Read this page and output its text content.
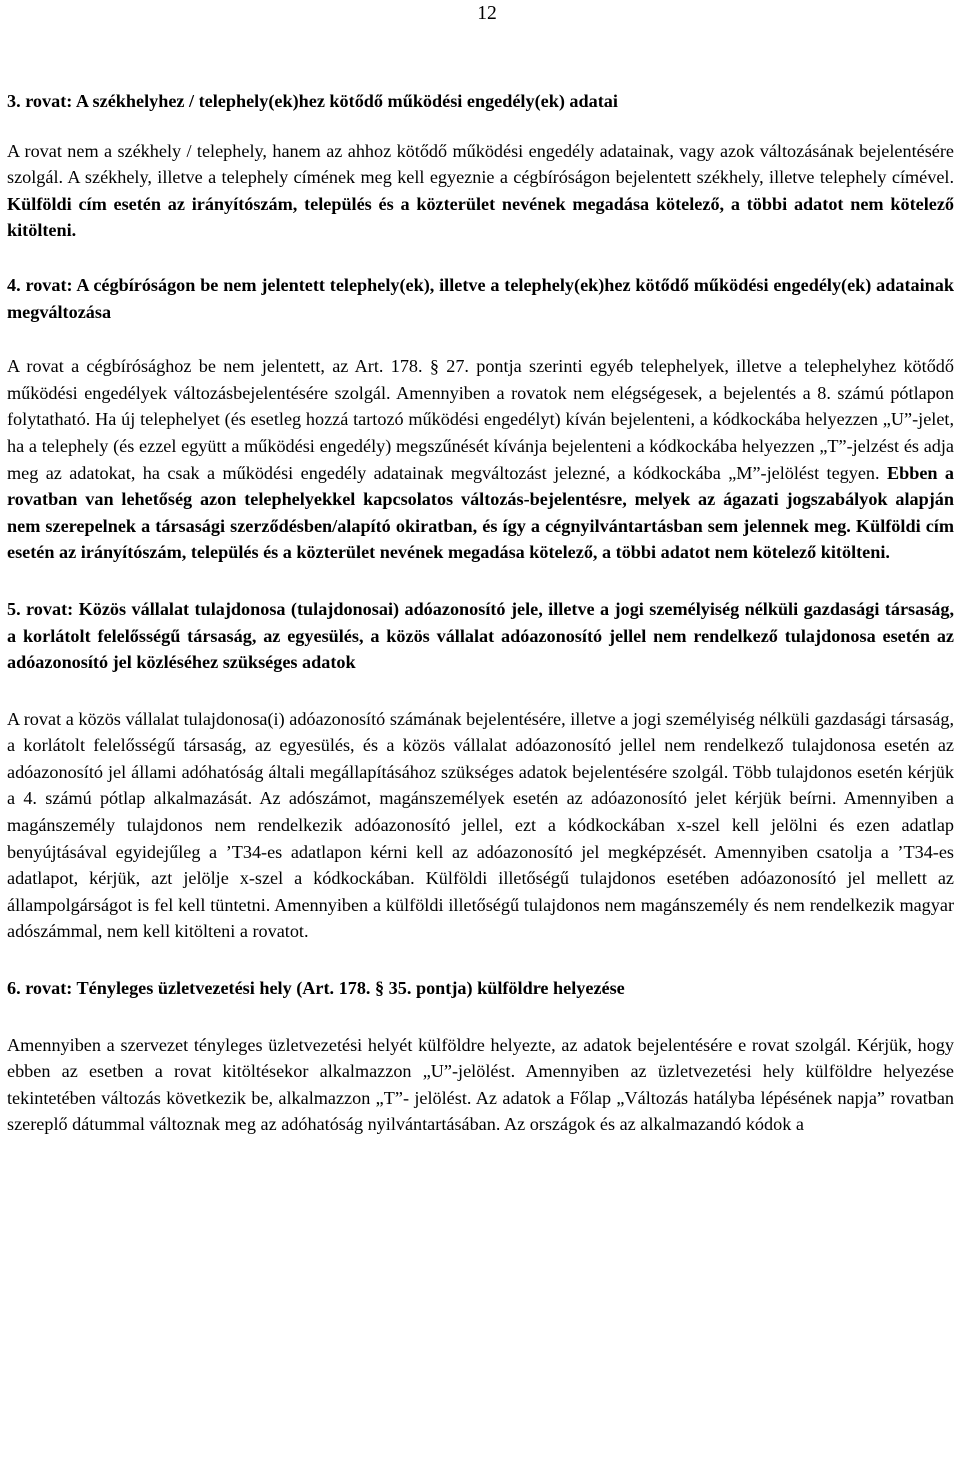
12

3. rovat: A székhelyhez / telephely(ek)hez kötődő működési engedély(ek) adatai

A rovat nem a székhely / telephely, hanem az ahhoz kötődő működési engedély adatainak, vagy azok változásának bejelentésére szolgál. A székhely, illetve a telephely címének meg kell egyeznie a cégbíróságon bejelentett székhely, illetve telephely címével. Külföldi cím esetén az irányítószám, település és a közterület nevének megadása kötelező, a többi adatot nem kötelező kitölteni.

4. rovat: A cégbíróságon be nem jelentett telephely(ek), illetve a telephely(ek)hez kötődő működési engedély(ek) adatainak megváltozása

A rovat a cégbírósághoz be nem jelentett, az Art. 178. § 27. pontja szerinti egyéb telephelyek, illetve a telephelyhez kötődő működési engedélyek változásbejelentésére szolgál. Amennyiben a rovatok nem elégségesek, a bejelentés a 8. számú pótlapon folytatható. Ha új telephelyet (és esetleg hozzá tartozó működési engedélyt) kíván bejelenteni, a kódkockába helyezzen „U”-jelet, ha a telephely (és ezzel együtt a működési engedély) megszűnését kívánja bejelenteni a kódkockába helyezzen „T”-jelzést és adja meg az adatokat, ha csak a működési engedély adatainak megváltozást jelezné, a kódkockába „M”-jelölést tegyen. Ebben a rovatban van lehetőség azon telephelyekkel kapcsolatos változás-bejelentésre, melyek az ágazati jogszabályok alapján nem szerepelnek a társasági szerződésben/alapító okiratban, és így a cégnyilvántartásban sem jelennek meg. Külföldi cím esetén az irányítószám, település és a közterület nevének megadása kötelező, a többi adatot nem kötelező kitölteni.

5. rovat: Közös vállalat tulajdonosa (tulajdonosai) adóazonosító jele, illetve a jogi személyiség nélküli gazdasági társaság, a korlátolt felelősségű társaság, az egyesülés, a közös vállalat adóazonosító jellel nem rendelkező tulajdonosa esetén az adóazonosító jel közléséhez szükséges adatok

A rovat a közös vállalat tulajdonosa(i) adóazonosító számának bejelentésére, illetve a jogi személyiség nélküli gazdasági társaság, a korlátolt felelősségű társaság, az egyesülés, és a közös vállalat adóazonosító jellel nem rendelkező tulajdonosa esetén az adóazonosító jel állami adóhatóság általi megállapításához szükséges adatok bejelentésére szolgál. Több tulajdonos esetén kérjük a 4. számú pótlap alkalmazását. Az adószámot, magánszemélyek esetén az adóazonosító jelet kérjük beírni. Amennyiben a magánszemély tulajdonos nem rendelkezik adóazonosító jellel, ezt a kódkockában x-szel kell jelölni és ezen adatlap benyújtásával egyidejűleg a ’T34-es adatlapon kérni kell az adóazonosító jel megképzését. Amennyiben csatolja a ’T34-es adatlapot, kérjük, azt jelölje x-szel a kódkockában. Külföldi illetőségű tulajdonos esetében adóazonosító jel mellett az állampolgárságot is fel kell tüntetni. Amennyiben a külföldi illetőségű tulajdonos nem magánszemély és nem rendelkezik magyar adószámmal, nem kell kitölteni a rovatot.

6. rovat: Tényleges üzletvezetési hely (Art. 178. § 35. pontja) külföldre helyezése

Amennyiben a szervezet tényleges üzletvezetési helyét külföldre helyezte, az adatok bejelentésére e rovat szolgál. Kérjük, hogy ebben az esetben a rovat kitöltésekor alkalmazzon „U”-jelölést. Amennyiben az üzletvezetési hely külföldre helyezése tekintetében változás következik be, alkalmazzon „T”- jelölést. Az adatok a Főlap „Változás hatályba lépésének napja” rovatban szereplő dátummal változnak meg az adóhatóság nyilvántartásában. Az országok és az alkalmazandó kódok a
